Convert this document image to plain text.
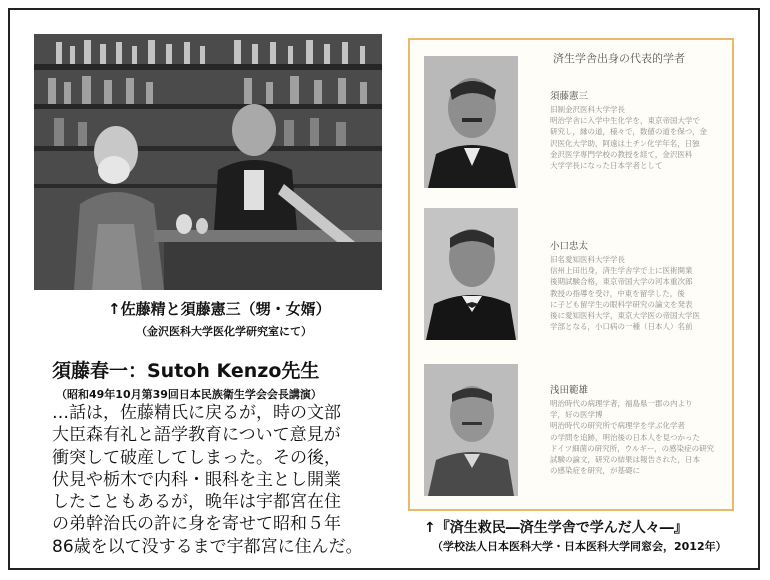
↑佐藤精と須藤憲三（甥・女婿）
（金沢医科大学医化学研究室にて）
須藤春一：Sutoh Kenzo先生
（昭和49年10月第39回日本民族衛生学会会長講演）
…話は，佐藤精氏に戻るが，時の文部
大臣森有礼と語学教育について意見が
衝突して破産してしまった。その後，
伏見や栃木で内科・眼科を主とし開業
したこともあるが，晩年は宇都宮在住
の弟幹治氏の許に身を寄せて昭和５年
86歳を以て没するまで宇都宮に住んだ。
済生学舎出身の代表的学者
須藤憲三
旧制金沢医科大学学長
明治学舎に入学中生化学を，東京帝国大学で
研究し，縁の道，様々で，数値の道を保つ，金
沢医化大学助，阿遠は土チン化学年名，日独
金沢医学専門学校の教授を経て，金沢医科
大学学長になった日本学者として
小口忠太
旧名愛知医科大学学長
信州上田出身，済生学舎学で上に医術開業
後期試験合格，東京帝国大学の河本重次郎
教授の指導を受け，中東を留学した，後
に子ども留学生の眼科学研究の論文を発表
後に愛知医科大学，東京大学医の帝国大学医
学部となる，小口病の一種（日本人）名前
浅田範雄
明治時代の病理学者，福島県一郡の内より
学，好の医学博
明治時代の研究所で病理学を学ぶ化学者
の学問を追跡，明治後の日本人を見つかった
ドイツ細菌の研究所，ウルギー，の感染症の研究
試験の論文，研究の結果は報告された，日本
の感染症を研究，が基礎に
↑『済生救民―済生学舎で学んだ人々―』
（学校法人日本医科大学・日本医科大学同窓会，2012年）
